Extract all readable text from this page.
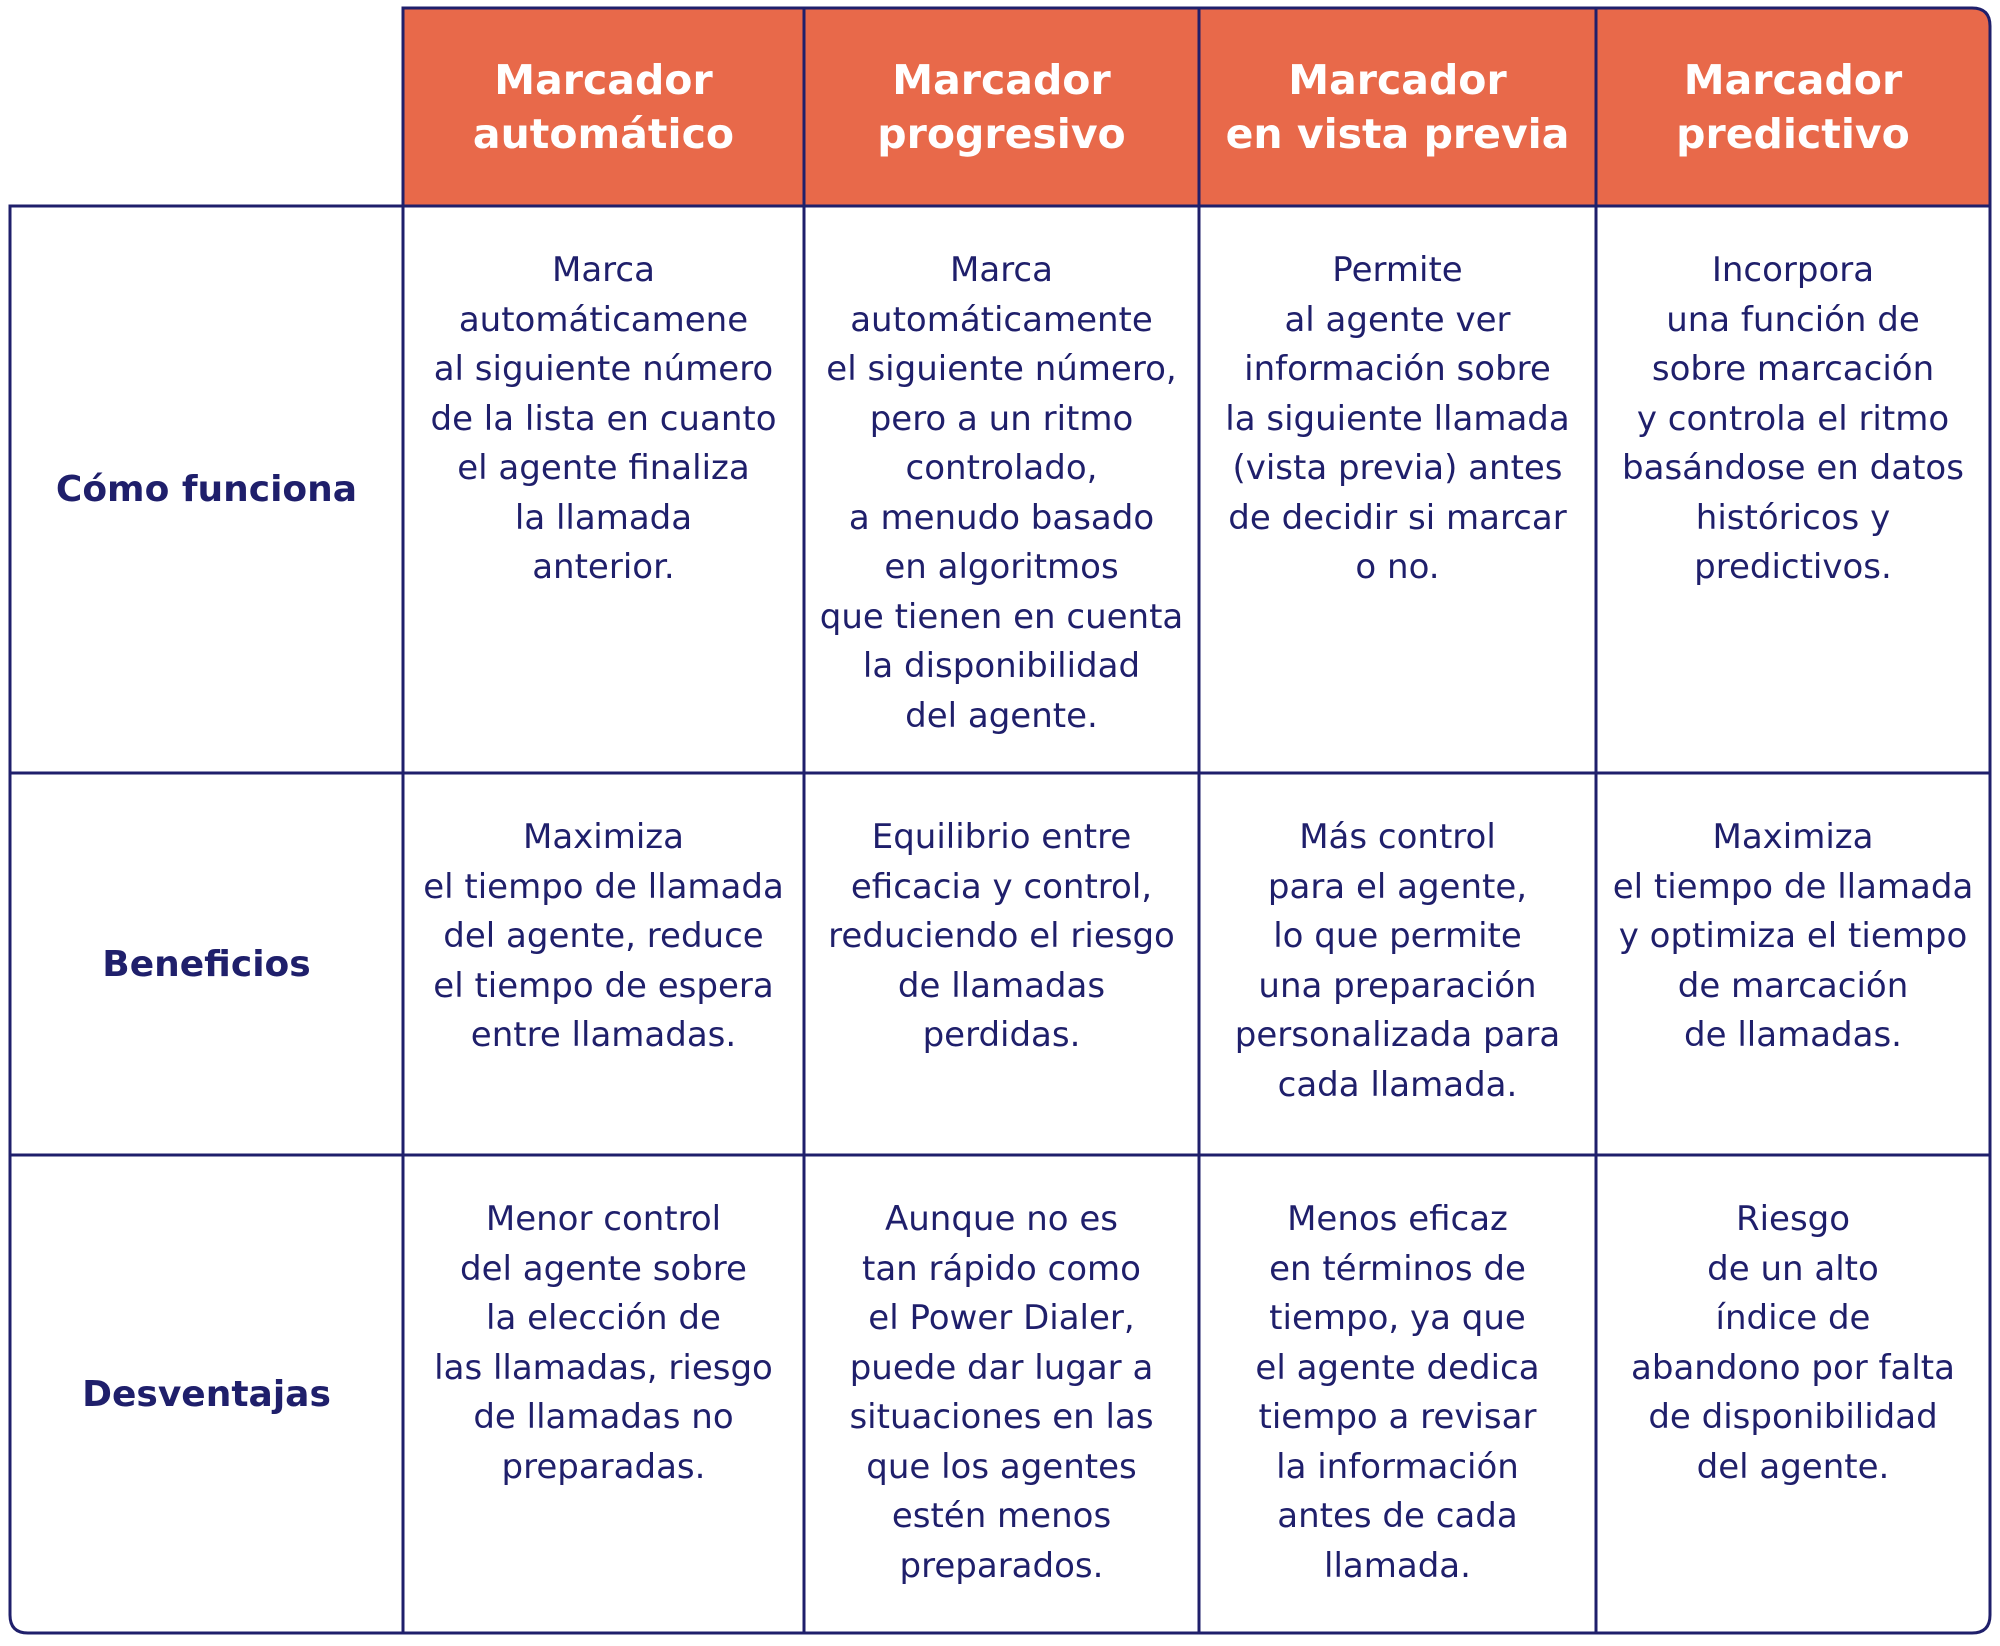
Marcador
automático
Marcador
progresivo
Marcador
en vista previa
Marcador
predictivo
Cómo funciona
Beneficios
Desventajas
Marca
automáticamene
al siguiente número
de la lista en cuanto
el agente finaliza
la llamada
anterior.
Marca
automáticamente
el siguiente número,
pero a un ritmo
controlado,
a menudo basado
en algoritmos
que tienen en cuenta
la disponibilidad
del agente.
Permite
al agente ver
información sobre
la siguiente llamada
(vista previa) antes
de decidir si marcar
o no.
Incorpora
una función de
sobre marcación
y controla el ritmo
basándose en datos
históricos y
predictivos.
Maximiza
el tiempo de llamada
del agente, reduce
el tiempo de espera
entre llamadas.
Equilibrio entre
eficacia y control,
reduciendo el riesgo
de llamadas
perdidas.
Más control
para el agente,
lo que permite
una preparación
personalizada para
cada llamada.
Maximiza
el tiempo de llamada
y optimiza el tiempo
de marcación
de llamadas.
Menor control
del agente sobre
la elección de
las llamadas, riesgo
de llamadas no
preparadas.
Aunque no es
tan rápido como
el Power Dialer,
puede dar lugar a
situaciones en las
que los agentes
estén menos
preparados.
Menos eficaz
en términos de
tiempo, ya que
el agente dedica
tiempo a revisar
la información
antes de cada
llamada.
Riesgo
de un alto
índice de
abandono por falta
de disponibilidad
del agente.
